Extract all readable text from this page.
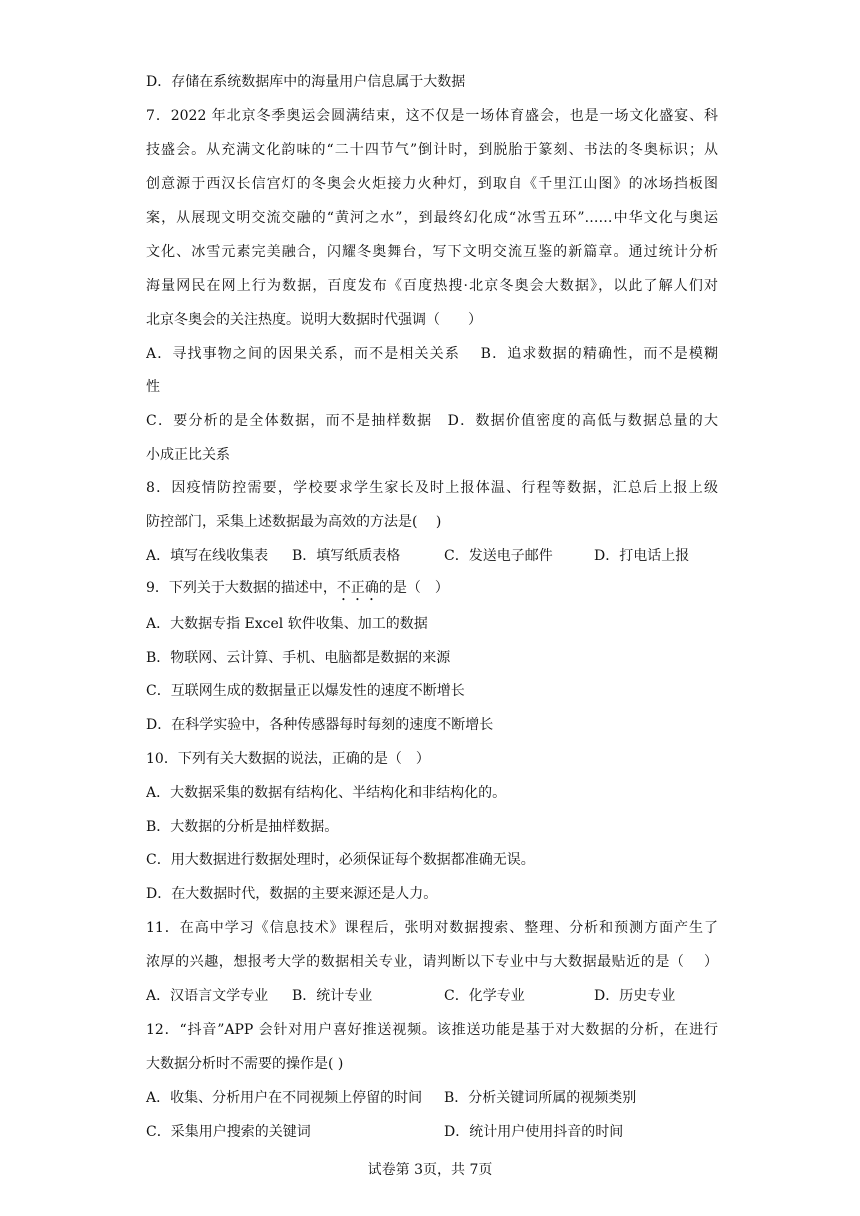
D．存储在系统数据库中的海量用户信息属于大数据
7．2022 年北京冬季奥运会圆满结束，这不仅是一场体育盛会，也是一场文化盛宴、科
技盛会。从充满文化韵味的“二十四节气”倒计时，到脱胎于篆刻、书法的冬奥标识；从
创意源于西汉长信宫灯的冬奥会火炬接力火种灯，到取自《千里江山图》的冰场挡板图
案，从展现文明交流交融的“黄河之水”，到最终幻化成“冰雪五环”……中华文化与奥运
文化、冰雪元素完美融合，闪耀冬奥舞台，写下文明交流互鉴的新篇章。通过统计分析
海量网民在网上行为数据，百度发布《百度热搜·北京冬奥会大数据》，以此了解人们对
北京冬奥会的关注热度。说明大数据时代强调（　　）
A．寻找事物之间的因果关系，而不是相关关系　 B．追求数据的精确性，而不是模糊
性
C．要分析的是全体数据，而不是抽样数据　D．数据价值密度的高低与数据总量的大
小成正比关系
8．因疫情防控需要，学校要求学生家长及时上报体温、行程等数据，汇总后上报上级
防控部门，采集上述数据最为高效的方法是(　 )
A．填写在线收集表 B．填写纸质表格	C．发送电子邮件	D．打电话上报
9．下列关于大数据的描述中，不正确的是（　）
A．大数据专指 Excel 软件收集、加工的数据
B．物联网、云计算、手机、电脑都是数据的来源
C．互联网生成的数据量正以爆发性的速度不断增长
D．在科学实验中，各种传感器每时每刻的速度不断增长
10．下列有关大数据的说法，正确的是（　）
A．大数据采集的数据有结构化、半结构化和非结构化的。
B．大数据的分析是抽样数据。
C．用大数据进行数据处理时，必须保证每个数据都准确无误。
D．在大数据时代，数据的主要来源还是人力。
11．在高中学习《信息技术》课程后，张明对数据搜索、整理、分析和预测方面产生了
浓厚的兴趣，想报考大学的数据相关专业，请判断以下专业中与大数据最贴近的是（　 ）
A．汉语言文学专业 B．统计专业	C．化学专业	D．历史专业
12．“抖音”APP 会针对用户喜好推送视频。该推送功能是基于对大数据的分析，在进行
大数据分析时不需要的操作是( )
A．收集、分析用户在不同视频上停留的时间 B．分析关键词所属的视频类别
C．采集用户搜索的关键词	D．统计用户使用抖音的时间
试卷第 3页，共 7页
